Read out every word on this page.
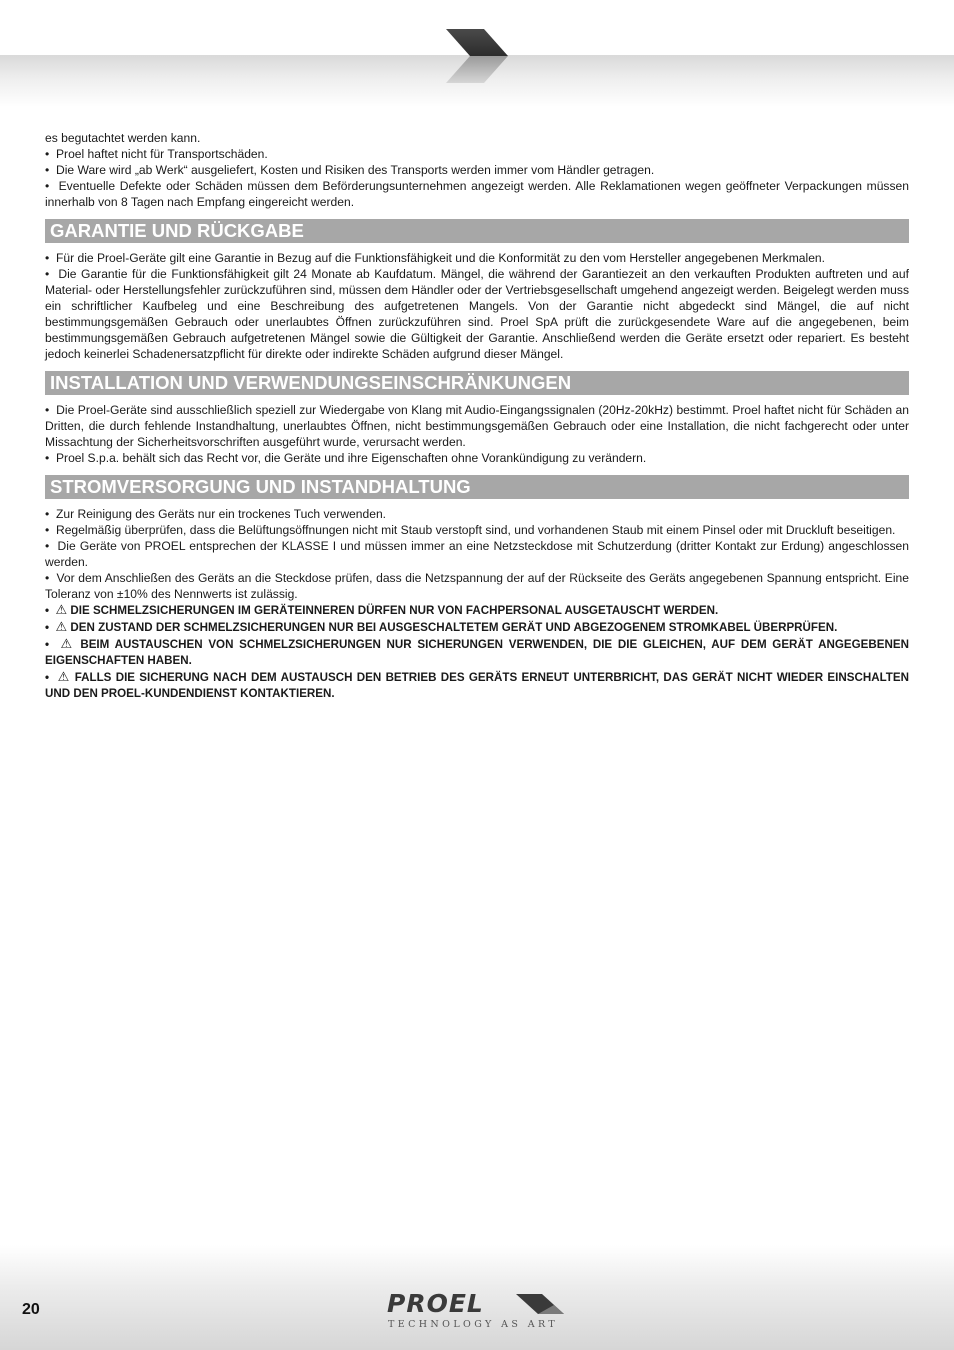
es begutachtet werden kann.

•  Proel haftet nicht für Transportschäden.

•  Die Ware wird „ab Werk“ ausgeliefert, Kosten und Risiken des Transports werden immer vom Händler getragen.

•  Eventuelle Defekte oder Schäden müssen dem Beförderungsunternehmen angezeigt werden. Alle Reklamationen wegen geöffneter Verpackungen müssen innerhalb von 8 Tagen nach Empfang eingereicht werden.

GARANTIE UND RÜCKGABE

•  Für die Proel-Geräte gilt eine Garantie in Bezug auf die Funktionsfähigkeit und die Konformität zu den vom Hersteller angegebenen Merkmalen.

•  Die Garantie für die Funktionsfähigkeit gilt 24 Monate ab Kaufdatum. Mängel, die während der Garantiezeit an den verkauften Produkten auftreten und auf Material- oder Herstellungsfehler zurückzuführen sind, müssen dem Händler oder der Vertriebsgesellschaft umgehend angezeigt werden. Beigelegt werden muss ein schriftlicher Kaufbeleg und eine Beschreibung des aufgetretenen Mangels. Von der Garantie nicht abgedeckt sind Mängel, die auf nicht bestimmungsgemäßen Gebrauch oder unerlaubtes Öffnen zurückzuführen sind. Proel SpA prüft die zurückgesendete Ware auf die angegebenen, beim bestimmungsgemäßen Gebrauch aufgetretenen Mängel sowie die Gültigkeit der Garantie. Anschließend werden die Geräte ersetzt oder repariert. Es besteht jedoch keinerlei Schadenersatzpflicht für direkte oder indirekte Schäden aufgrund dieser Mängel.

INSTALLATION UND VERWENDUNGSEINSCHRÄNKUNGEN

•  Die Proel-Geräte sind ausschließlich speziell zur Wiedergabe von Klang mit Audio-Eingangssignalen (20Hz-20kHz) bestimmt. Proel haftet nicht für Schäden an Dritten, die durch fehlende Instandhaltung, unerlaubtes Öffnen, nicht bestimmungsgemäßen Gebrauch oder eine Installation, die nicht fachgerecht oder unter Missachtung der Sicherheitsvorschriften ausgeführt wurde, verursacht werden.

•  Proel S.p.a. behält sich das Recht vor, die Geräte und ihre Eigenschaften ohne Vorankündigung zu verändern.

STROMVERSORGUNG UND INSTANDHALTUNG

•  Zur Reinigung des Geräts nur ein trockenes Tuch verwenden.

•  Regelmäßig überprüfen, dass die Belüftungsöffnungen nicht mit Staub verstopft sind, und vorhandenen Staub mit einem Pinsel oder mit Druckluft beseitigen.

•  Die Geräte von PROEL entsprechen der KLASSE I und müssen immer an eine Netzsteckdose mit Schutzerdung (dritter Kontakt zur Erdung) angeschlossen werden.

•  Vor dem Anschließen des Geräts an die Steckdose prüfen, dass die Netzspannung der auf der Rückseite des Geräts angegebenen Spannung entspricht. Eine Toleranz von ±10% des Nennwerts ist zulässig.

•  ⚠ DIE SCHMELZSICHERUNGEN IM GERÄTEINNEREN DÜRFEN NUR VON FACHPERSONAL AUSGETAUSCHT WERDEN.

•  ⚠ DEN ZUSTAND DER SCHMELZSICHERUNGEN NUR BEI AUSGESCHALTETEM GERÄT UND ABGEZOGENEM STROMKABEL ÜBERPRÜFEN.

•  ⚠ BEIM AUSTAUSCHEN VON SCHMELZSICHERUNGEN NUR SICHERUNGEN VERWENDEN, DIE DIE GLEICHEN, AUF DEM GERÄT ANGEGEBENEN EIGENSCHAFTEN HABEN.

•  ⚠ FALLS DIE SICHERUNG NACH DEM AUSTAUSCH DEN BETRIEB DES GERÄTS ERNEUT UNTERBRICHT, DAS GERÄT NICHT WIEDER EINSCHALTEN UND DEN PROEL-KUNDENDIENST KONTAKTIEREN.

20	PROEL
TECHNOLOGY AS ART
